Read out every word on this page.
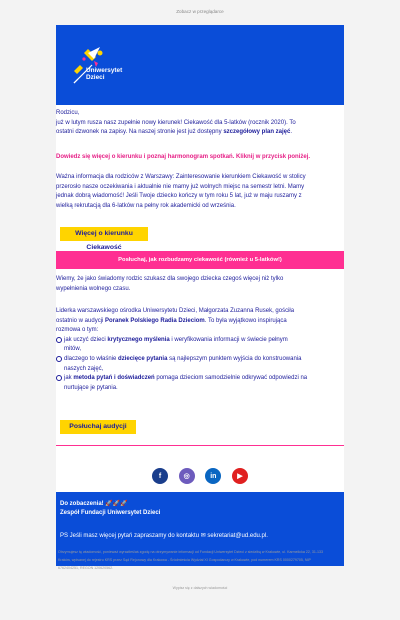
Zobacz w przeglądarce
Uniwersytet
Dzieci

Rodzicu,

już w lutym rusza nasz zupełnie nowy kierunek! Ciekawość dla 5-latków (rocznik 2020). To

ostatni dzwonek na zapisy. Na naszej stronie jest już dostępny szczegółowy plan zajęć.

Dowiedz się więcej o kierunku i poznaj harmonogram spotkań. Kliknij w przycisk poniżej.

Ważna informacja dla rodziców z Warszawy: Zainteresowanie kierunkiem Ciekawość w stolicy

przerosło nasze oczekiwania i aktualnie nie mamy już wolnych miejsc na semestr letni. Mamy

jednak dobrą wiadomość! Jeśli Twoje dziecko kończy w tym roku 5 lat, już w maju ruszamy z

wielką rekrutacją dla 6-latków na pełny rok akademicki od września.

Więcej o kierunku Ciekawość
Posłuchaj, jak rozbudzamy ciekawość (również u 5-latków!)

Wiemy, że jako świadomy rodzic szukasz dla swojego dziecka czegoś więcej niż tylko

wypełnienia wolnego czasu.

Liderka warszawskiego ośrodka Uniwersytetu Dzieci, Małgorzata Zuzanna Rusek, gościła

ostatnio w audycji Poranek Polskiego Radia Dzieciom. To była wyjątkowo inspirująca

rozmowa o tym:

jak uczyć dzieci krytycznego myślenia i weryfikowania informacji w świecie pełnym
mitów,
dlaczego to właśnie dziecięce pytania są najlepszym punktem wyjścia do konstruowania
naszych zajęć,
jak metoda pytań i doświadczeń pomaga dzieciom samodzielnie odkrywać odpowiedzi na
nurtujące je pytania.
Posłuchaj audycji
f	◎	in	▶
Do zobaczenia! 🚀🚀🚀
Zespół Fundacji Uniwersytet Dzieci
PS Jeśli masz więcej pytań zapraszamy do kontaktu ✉ sekretariat@ud.edu.pl.
Otrzymujesz tę wiadomość, ponieważ wyraziłeś/aś zgodę na otrzymywanie informacji od Fundacji Uniwersytet Dzieci z siedzibą w Krakowie, ul. Karmelicka 22, 31-133
Kraków, wpisanej do rejestru KRS przez Sąd Rejonowy dla Krakowa - Śródmieścia Wydział XI Gospodarczy w Krakowie, pod numerem KRS 0000279705, NIP
6762404251, REGON 120620562.
Wypisz się z dalszych wiadomości
